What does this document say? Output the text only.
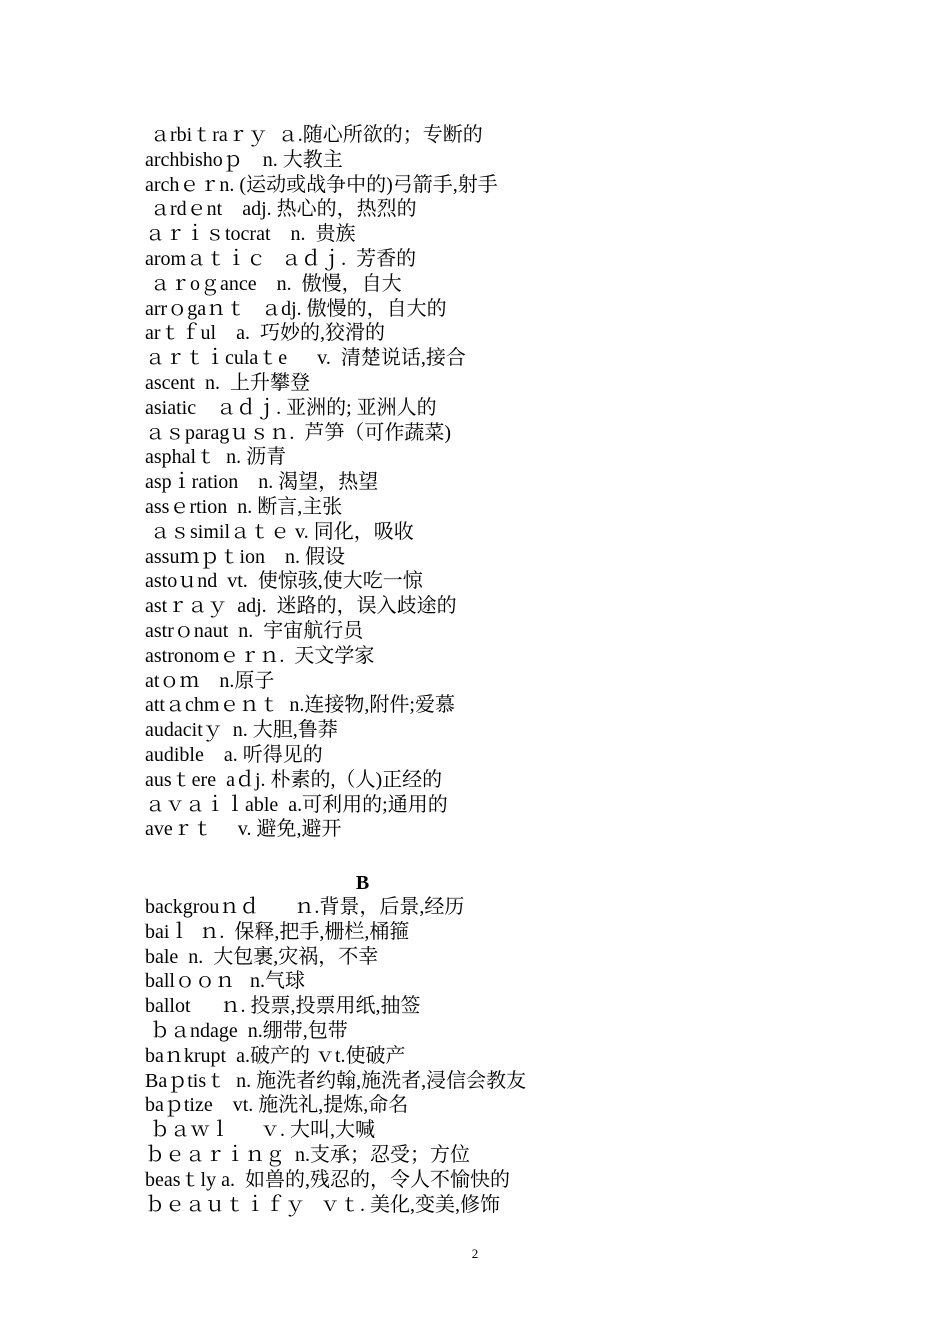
ａrbiｔraｒｙ  ａ.随心所欲的；专断的
archbishoｐ    n. 大教主
archｅｒn. (运动或战争中的)弓箭手,射手
ａrdｅnt    adj. 热心的，热烈的
ａｒｉｓtocrat    n.  贵族
aromａｔｉｃ   ａｄｊ.  芳香的
ａｒoｇance    n.  傲慢，自大
arrｏgaｎｔ   ａdj. 傲慢的，自大的
arｔｆul    a.  巧妙的,狡滑的
ａｒｔｉculaｔe      v.  清楚说话,接合
ascent  n.  上升攀登
asiatic    ａｄｊ. 亚洲的; 亚洲人的
ａｓparagｕｓｎ.  芦笋（可作蔬菜)
asphalｔ  n. 沥青
aspｉration    n. 渴望，热望
assｅrtion  n. 断言,主张
ａｓsimilａｔｅ v. 同化，吸收
assuｍｐｔion    n. 假设
astoｕnd  vt.  使惊骇,使大吃一惊
astｒａｙ  adj.  迷路的，误入歧途的
astrｏnaut  n.  宇宙航行员
astronomｅｒｎ.  天文学家
atｏｍ    n.原子
attａchmｅｎｔ  n.连接物,附件;爱慕
audacitｙ  n. 大胆,鲁莽
audible    a. 听得见的
ausｔere  aｄj. 朴素的,（人)正经的
ａｖａｉｌable  a.可利用的;通用的
aveｒｔ     v. 避免,避开
B
backgrouｎｄ       ｎ.背景，后景,经历
baiｌ  ｎ.  保释,把手,栅栏,桶箍
bale  n.  大包裹,灾祸，不幸
ballｏｏｎ   n.气球
ballot      ｎ. 投票,投票用纸,抽签
ｂａndage  n.绷带,包带
baｎkrupt  a.破产的 ｖt.使破产
Baｐtisｔ  n. 施洗者约翰,施洗者,浸信会教友
baｐtize    vt. 施洗礼,提炼,命名
ｂａｗｌ      ｖ. 大叫,大喊
ｂｅａｒｉｎｇ  n.支承；忍受；方位
beasｔly a.  如兽的,残忍的，令人不愉快的
ｂｅａｕｔｉｆｙ   ｖｔ. 美化,变美,修饰
2
